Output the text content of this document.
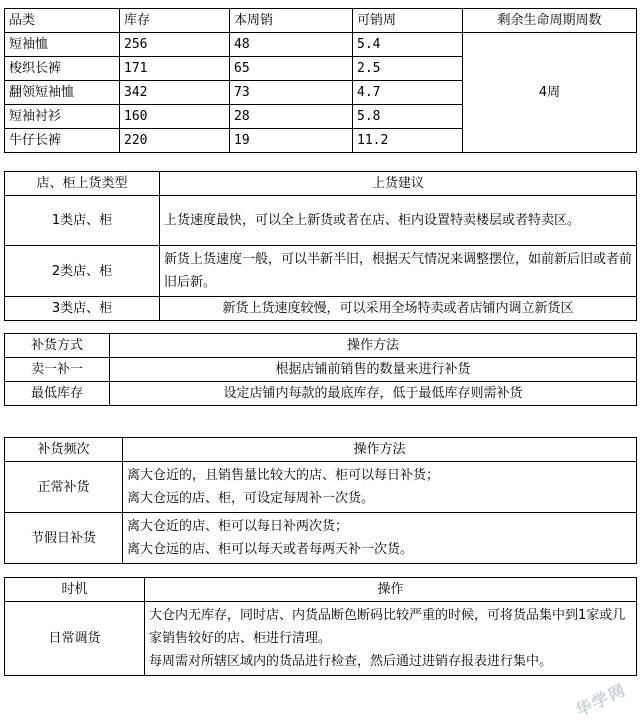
品类	库存	本周销	可销周	剩余生命周期周数
短袖恤	256	48	5.4	4周
梭织长裤	171	65	2.5	
翻领短袖恤	342	73	4.7	
短袖衬衫	160	28	5.8	
牛仔长裤	220	19	11.2	
店、柜上货类型	上货建议
1类店、柜	上货速度最快，可以全上新货或者在店、柜内设置特卖楼层或者特卖区。
2类店、柜	新货上货速度一般，可以半新半旧，根据天气情况来调整摆位，如前新后旧或者前旧后新。
3类店、柜	新货上货速度较慢，可以采用全场特卖或者店铺内调立新货区
补货方式	操作方法
卖一补一	根据店铺前销售的数量来进行补货
最低库存	设定店铺内每款的最底库存，低于最低库存则需补货
补货频次	操作方法
正常补货	离大仓近的，且销售量比较大的店、柜可以每日补货；
离大仓远的店、柜，可设定每周补一次货。

节假日补货	离大仓近的店、柜可以每日补两次货；
离大仓远的店、柜可以每天或者每两天补一次货。
时机	操作
日常调货	大仓内无库存，同时店、内货品断色断码比较严重的时候，可将货品集中到1家或几家销售较好的店、柜进行清理。
每周需对所辖区域内的货品进行检查，然后通过进销存报表进行集中。
华学网
